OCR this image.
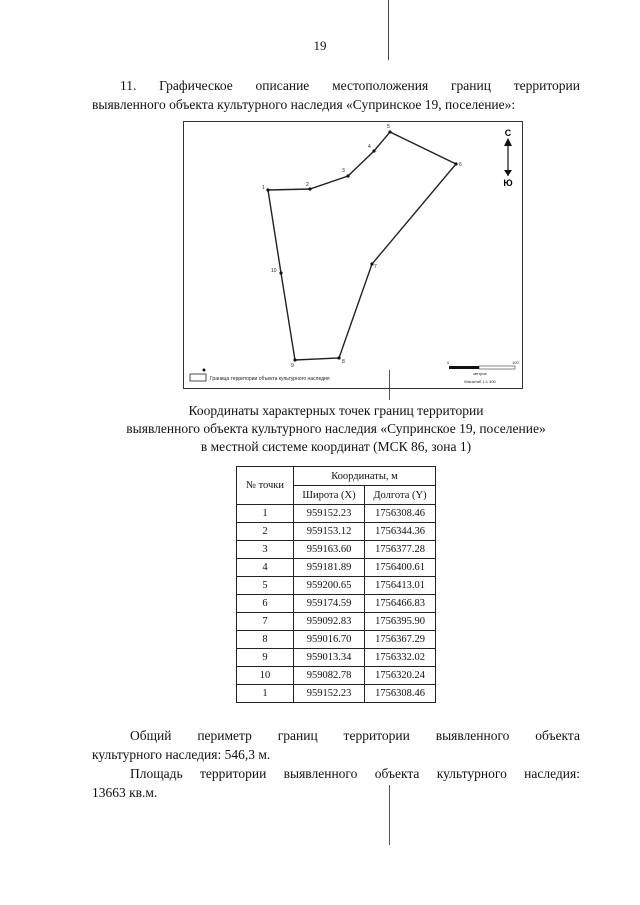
19
11. Графическое описание местоположения границ территории
выявленного объекта культурного наследия «Супринское 19, поселение»:
1	2
3
4
5
6
7
8
9
10
С
Ю
Граница территории объекта культурного наследия
0	100
метров
Масштаб 1:1 400
Координаты характерных точек границ территории
выявленного объекта культурного наследия «Супринское 19, поселение»
в местной системе координат (МСК 86, зона 1)
№ точки	Координаты, м	
	Широта (X)	Долгота (Y)
1	959152.23	1756308.46
2	959153.12	1756344.36
3	959163.60	1756377.28
4	959181.89	1756400.61
5	959200.65	1756413.01
6	959174.59	1756466.83
7	959092.83	1756395.90
8	959016.70	1756367.29
9	959013.34	1756332.02
10	959082.78	1756320.24
1	959152.23	1756308.46
Общий периметр границ территории выявленного объекта
культурного наследия: 546,3 м.
Площадь территории выявленного объекта культурного наследия:
13663 кв.м.
